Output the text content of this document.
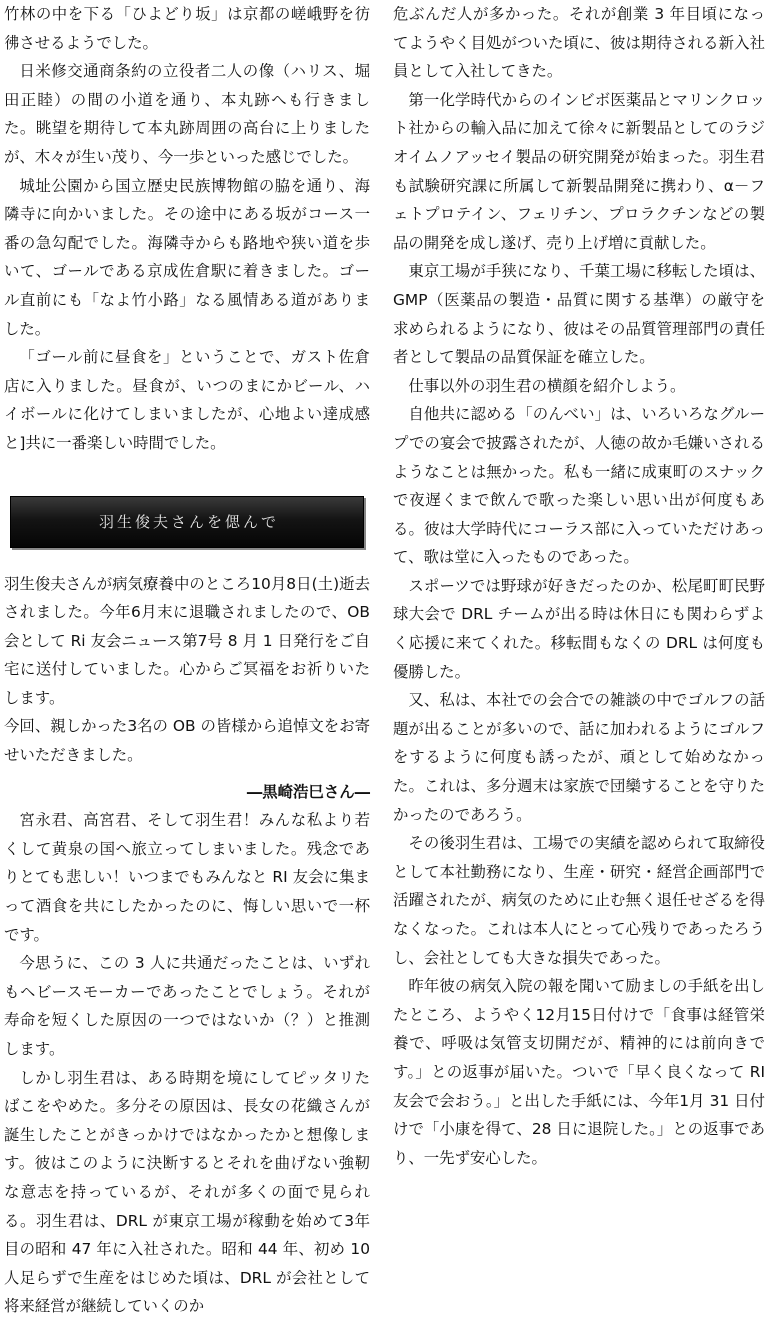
竹林の中を下る「ひよどり坂」は京都の嵯峨野を彷彿させるようでした。

日米修交通商条約の立役者二人の像（ハリス、堀田正睦）の間の小道を通り、本丸跡へも行きました。眺望を期待して本丸跡周囲の高台に上りましたが、木々が生い茂り、今一歩といった感じでした。

城址公園から国立歴史民族博物館の脇を通り、海隣寺に向かいました。その途中にある坂がコース一番の急勾配でした。海隣寺からも路地や狭い道を歩いて、ゴールである京成佐倉駅に着きました。ゴール直前にも「なよ竹小路」なる風情ある道がありました。

「ゴール前に昼食を」ということで、ガスト佐倉店に入りました。昼食が、いつのまにかビール、ハイボールに化けてしまいましたが、心地よい達成感と]共に一番楽しい時間でした。

羽生俊夫さんを偲んで

羽生俊夫さんが病気療養中のところ10月8日(土)逝去されました。今年6月末に退職されましたので、OB会として Ri 友会ニュース第7号 8 月 1 日発行をご自宅に送付していました。心からご冥福をお祈りいたします。

今回、親しかった3名の OB の皆様から追悼文をお寄せいただきました。

―黒崎浩巳さん―

宮永君、高宮君、そして羽生君！みんな私より若くして黄泉の国へ旅立ってしまいました。残念でありとても悲しい！いつまでもみんなと RI 友会に集まって酒食を共にしたかったのに、悔しい思いで一杯です。

今思うに、この 3 人に共通だったことは、いずれもヘビースモーカーであったことでしょう。それが寿命を短くした原因の一つではないか（？）と推測します。

しかし羽生君は、ある時期を境にしてピッタリたばこをやめた。多分その原因は、長女の花織さんが誕生したことがきっかけではなかったかと想像します。彼はこのように決断するとそれを曲げない強靭な意志を持っているが、それが多くの面で見られる。羽生君は、DRL が東京工場が稼動を始めて3年目の昭和 47 年に入社された。昭和 44 年、初め 10 人足らずで生産をはじめた頃は、DRL が会社として将来経営が継続していくのか

危ぶんだ人が多かった。それが創業 3 年目頃になってようやく目処がついた頃に、彼は期待される新入社員として入社してきた。

第一化学時代からのインビボ医薬品とマリンクロット社からの輸入品に加えて徐々に新製品としてのラジオイムノアッセイ製品の研究開発が始まった。羽生君も試験研究課に所属して新製品開発に携わり、α－フェトプロテイン、フェリチン、プロラクチンなどの製品の開発を成し遂げ、売り上げ増に貢献した。

東京工場が手狭になり、千葉工場に移転した頃は、GMP（医薬品の製造・品質に関する基準）の厳守を求められるようになり、彼はその品質管理部門の責任者として製品の品質保証を確立した。

仕事以外の羽生君の横顔を紹介しよう。

自他共に認める「のんべい」は、いろいろなグループでの宴会で披露されたが、人徳の故か毛嫌いされるようなことは無かった。私も一緒に成東町のスナックで夜遅くまで飲んで歌った楽しい思い出が何度もある。彼は大学時代にコーラス部に入っていただけあって、歌は堂に入ったものであった。

スポーツでは野球が好きだったのか、松尾町町民野球大会で DRL チームが出る時は休日にも関わらずよく応援に来てくれた。移転間もなくの DRL は何度も優勝した。

又、私は、本社での会合での雑談の中でゴルフの話題が出ることが多いので、話に加われるようにゴルフをするように何度も誘ったが、頑として始めなかった。これは、多分週末は家族で団欒することを守りたかったのであろう。

その後羽生君は、工場での実績を認められて取締役として本社勤務になり、生産・研究・経営企画部門で活躍されたが、病気のために止む無く退任せざるを得なくなった。これは本人にとって心残りであったろうし、会社としても大きな損失であった。

昨年彼の病気入院の報を聞いて励ましの手紙を出したところ、ようやく12月15日付けで「食事は経管栄養で、呼吸は気管支切開だが、精神的には前向きです。」との返事が届いた。ついで「早く良くなって RI 友会で会おう。」と出した手紙には、今年1月 31 日付けで「小康を得て、28 日に退院した。」との返事であり、一先ず安心した。
